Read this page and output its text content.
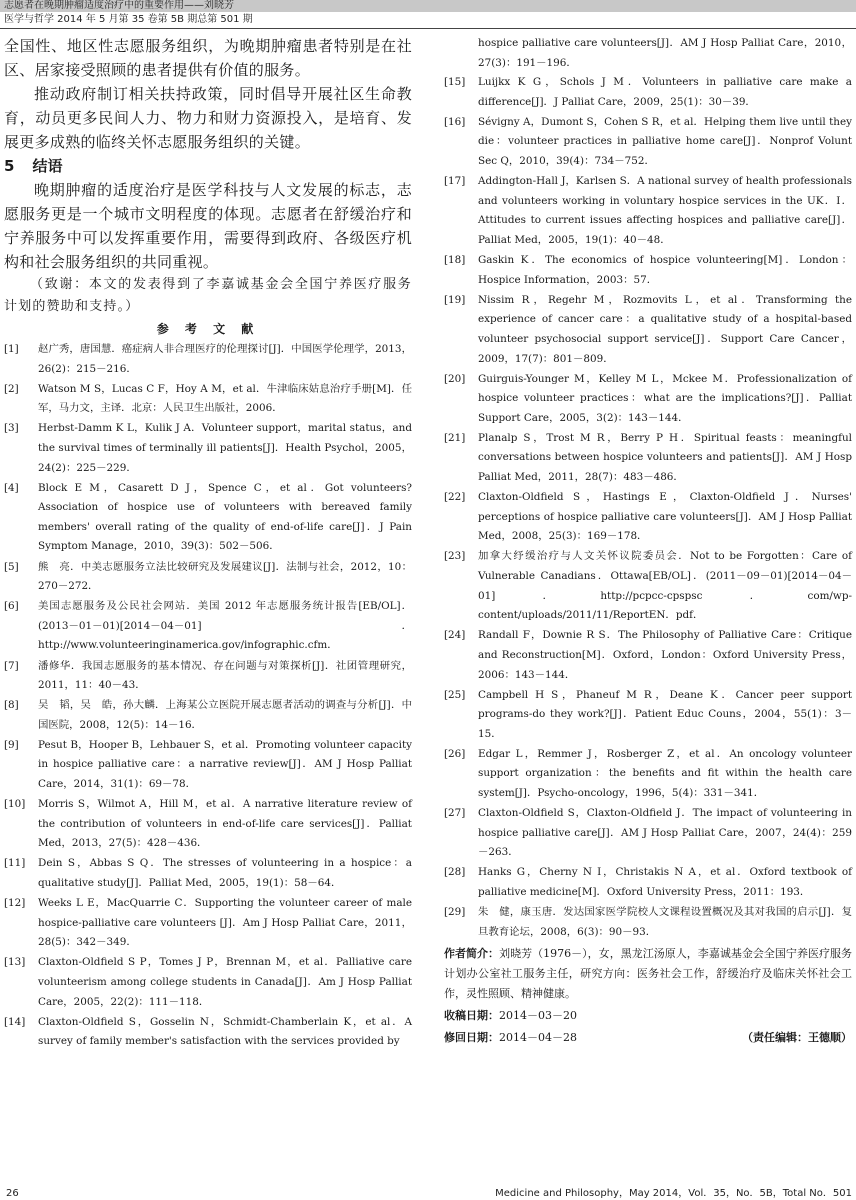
志愿者在晚期肿瘤适度治疗中的重要作用——刘晓芳
医学与哲学 2014 年 5 月第 35 卷第 5B 期总第 501 期

全国性、地区性志愿服务组织，为晚期肿瘤患者特别是在社区、居家接受照顾的患者提供有价值的服务。

推动政府制订相关扶持政策，同时倡导开展社区生命教育，动员更多民间人力、物力和财力资源投入，是培育、发展更多成熟的临终关怀志愿服务组织的关键。

5 结语

晚期肿瘤的适度治疗是医学科技与人文发展的标志，志愿服务更是一个城市文明程度的体现。志愿者在舒缓治疗和宁养服务中可以发挥重要作用，需要得到政府、各级医疗机构和社会服务组织的共同重视。

（致谢：本文的发表得到了李嘉诚基金会全国宁养医疗服务计划的赞助和支持。）

参 考 文 献

[1] 赵广秀，唐国慧．癌症病人非合理医疗的伦理探讨[J]．中国医学伦理学，2013，26(2)：215－216．
[2] Watson M S，Lucas C F，Hoy A M，et al．牛津临床姑息治疗手册[M]．任　军，马力文，主译．北京：人民卫生出版社，2006．
[3] Herbst-Damm K L，Kulik J A．Volunteer support，marital status，and the survival times of terminally ill patients[J]．Health Psychol，2005，24(2)：225－229．
[4] Block E M，Casarett D J，Spence C，et al．Got volunteers? Association of hospice use of volunteers with bereaved family members' overall rating of the quality of end-of-life care[J]．J Pain Symptom Manage，2010，39(3)：502－506．
[5] 熊　亮．中美志愿服务立法比较研究及发展建议[J]．法制与社会，2012，10：270－272．
[6] 美国志愿服务及公民社会网站．美国 2012 年志愿服务统计报告[EB/OL]．(2013－01－01)[2014－04－01]．http://www.volunteeringinamerica.gov/infographic.cfm．
[7] 潘修华．我国志愿服务的基本情况、存在问题与对策探析[J]．社团管理研究，2011，11：40－43．
[8] 吴　韬，吴　皓，孙大麟．上海某公立医院开展志愿者活动的调查与分析[J]．中国医院，2008，12(5)：14－16．
[9] Pesut B，Hooper B，Lehbauer S，et al．Promoting volunteer capacity in hospice palliative care：a narrative review[J]．AM J Hosp Palliat Care，2014，31(1)：69－78．
[10] Morris S，Wilmot A，Hill M，et al．A narrative literature review of the contribution of volunteers in end-of-life care services[J]．Palliat Med，2013，27(5)：428－436．
[11] Dein S，Abbas S Q．The stresses of volunteering in a hospice：a qualitative study[J]．Palliat Med，2005，19(1)：58－64．
[12] Weeks L E，MacQuarrie C．Supporting the volunteer career of male hospice-palliative care volunteers [J]．Am J Hosp Palliat Care，2011，28(5)：342－349．
[13] Claxton-Oldfield S P，Tomes J P，Brennan M，et al．Palliative care volunteerism among college students in Canada[J]．Am J Hosp Palliat Care，2005，22(2)：111－118．
[14] Claxton-Oldfield S，Gosselin N，Schmidt-Chamberlain K，et al．A survey of family member's satisfaction with the services provided by

hospice palliative care volunteers[J]．AM J Hosp Palliat Care，2010，27(3)：191－196．

[15] Luijkx K G，Schols J M．Volunteers in palliative care make a difference[J]．J Palliat Care，2009，25(1)：30－39．
[16] Sévigny A，Dumont S，Cohen S R，et al．Helping them live until they die：volunteer practices in palliative home care[J]．Nonprof Volunt Sec Q，2010，39(4)：734－752．
[17] Addington-Hall J，Karlsen S．A national survey of health professionals and volunteers working in voluntary hospice services in the UK．I．Attitudes to current issues affecting hospices and palliative care[J]．Palliat Med，2005，19(1)：40－48．
[18] Gaskin K．The economics of hospice volunteering[M]．London：Hospice Information，2003：57．
[19] Nissim R，Regehr M，Rozmovits L，et al．Transforming the experience of cancer care：a qualitative study of a hospital-based volunteer psychosocial support service[J]．Support Care Cancer，2009，17(7)：801－809．
[20] Guirguis-Younger M，Kelley M L，Mckee M．Professionalization of hospice volunteer practices：what are the implications?[J]．Palliat Support Care，2005，3(2)：143－144．
[21] Planalp S，Trost M R，Berry P H．Spiritual feasts：meaningful conversations between hospice volunteers and patients[J]．AM J Hosp Palliat Med，2011，28(7)：483－486．
[22] Claxton-Oldfield S，Hastings E，Claxton-Oldfield J．Nurses' perceptions of hospice palliative care volunteers[J]．AM J Hosp Palliat Med，2008，25(3)：169－178．
[23] 加拿大纾缓治疗与人文关怀议院委员会．Not to be Forgotten：Care of Vulnerable Canadians．Ottawa[EB/OL]．(2011－09－01)[2014－04－01]．http://pcpcc-cpspsc．com/wp-content/uploads/2011/11/ReportEN．pdf．
[24] Randall F，Downie R S．The Philosophy of Palliative Care：Critique and Reconstruction[M]．Oxford，London：Oxford University Press，2006：143－144．
[25] Campbell H S，Phaneuf M R，Deane K．Cancer peer support programs-do they work?[J]．Patient Educ Couns，2004，55(1)：3－15．
[26] Edgar L，Remmer J，Rosberger Z，et al．An oncology volunteer support organization：the benefits and fit within the health care system[J]．Psycho-oncology，1996，5(4)：331－341．
[27] Claxton-Oldfield S，Claxton-Oldfield J．The impact of volunteering in hospice palliative care[J]．AM J Hosp Palliat Care，2007，24(4)：259－263．
[28] Hanks G，Cherny N I，Christakis N A，et al．Oxford textbook of palliative medicine[M]．Oxford University Press，2011：193．
[29] 朱　健，康玉唐．发达国家医学院校人文课程设置概况及其对我国的启示[J]．复旦教育论坛，2008，6(3)：90－93．

作者简介：刘晓芳（1976－），女，黑龙江汤原人，李嘉诚基金会全国宁养医疗服务计划办公室社工服务主任，研究方向：医务社会工作，舒缓治疗及临床关怀社会工作，灵性照顾、精神健康。

收稿日期：2014－03－20

修回日期：2014－04－28	（责任编辑：王德顺）

26	Medicine and Philosophy，May 2014，Vol．35，No．5B，Total No．501
